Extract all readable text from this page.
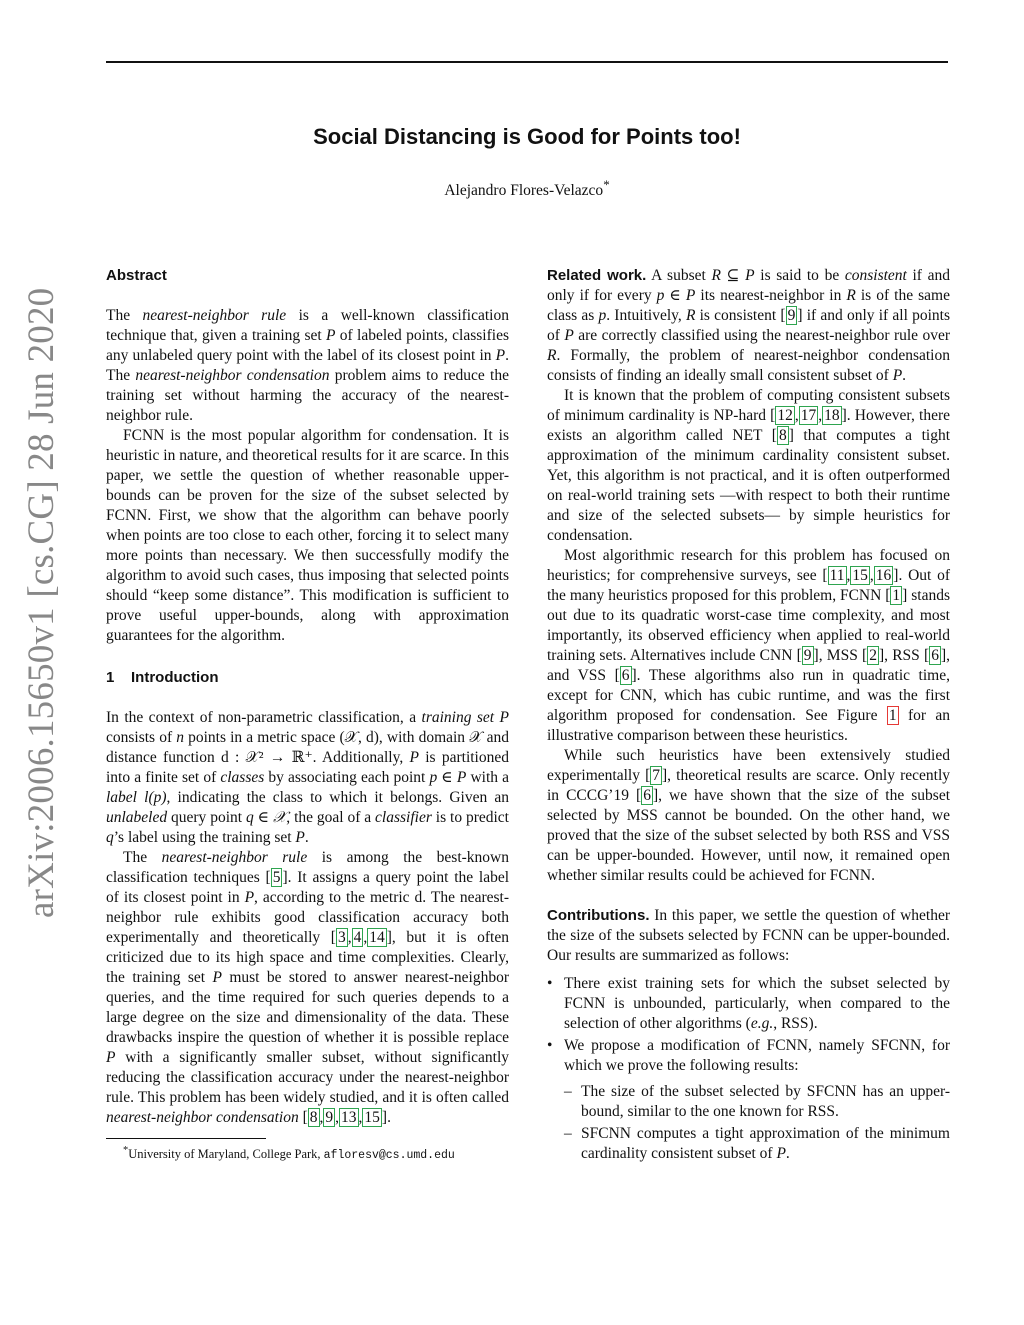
arXiv:2006.15650v1 [cs.CG] 28 Jun 2020
Social Distancing is Good for Points too!
Alejandro Flores-Velazco*
Abstract

The nearest-neighbor rule is a well-known classification technique that, given a training set P of labeled points, classifies any unlabeled query point with the label of its closest point in P. The nearest-neighbor condensation problem aims to reduce the training set without harming the accuracy of the nearest-neighbor rule.

FCNN is the most popular algorithm for condensation. It is heuristic in nature, and theoretical results for it are scarce. In this paper, we settle the question of whether reasonable upper-bounds can be proven for the size of the subset selected by FCNN. First, we show that the algorithm can behave poorly when points are too close to each other, forcing it to select many more points than necessary. We then successfully modify the algorithm to avoid such cases, thus imposing that selected points should “keep some distance”. This modification is sufficient to prove useful upper-bounds, along with approximation guarantees for the algorithm.

1 Introduction

In the context of non-parametric classification, a training set P consists of n points in a metric space (𝒳, d), with domain 𝒳 and distance function d : 𝒳² → ℝ⁺. Additionally, P is partitioned into a finite set of classes by associating each point p ∈ P with a label l(p), indicating the class to which it belongs. Given an unlabeled query point q ∈ 𝒳, the goal of a classifier is to predict q’s label using the training set P.

The nearest-neighbor rule is among the best-known classification techniques [ 5 ]. It assigns a query point the label of its closest point in P, according to the metric d. The nearest-neighbor rule exhibits good classification accuracy both experimentally and theoretically [ 3 , 4 , 14 ], but it is often criticized due to its high space and time complexities. Clearly, the training set P must be stored to answer nearest-neighbor queries, and the time required for such queries depends to a large degree on the size and dimensionality of the data. These drawbacks inspire the question of whether it is possible replace P with a significantly smaller subset, without significantly reducing the classification accuracy under the nearest-neighbor rule. This problem has been widely studied, and it is often called nearest-neighbor condensation [ 8 , 9 , 13 , 15 ].

*University of Maryland, College Park, afloresv@cs.umd.edu

Related work. A subset R ⊆ P is said to be consistent if and only if for every p ∈ P its nearest-neighbor in R is of the same class as p. Intuitively, R is consistent [ 9 ] if and only if all points of P are correctly classified using the nearest-neighbor rule over R. Formally, the problem of nearest-neighbor condensation consists of finding an ideally small consistent subset of P.

It is known that the problem of computing consistent subsets of minimum cardinality is NP-hard [ 12 , 17 , 18 ]. However, there exists an algorithm called NET [ 8 ] that computes a tight approximation of the minimum cardinality consistent subset. Yet, this algorithm is not practical, and it is often outperformed on real-world training sets —with respect to both their runtime and size of the selected subsets— by simple heuristics for condensation.

Most algorithmic research for this problem has focused on heuristics; for comprehensive surveys, see [ 11 , 15 , 16 ]. Out of the many heuristics proposed for this problem, FCNN [ 1 ] stands out due to its quadratic worst-case time complexity, and most importantly, its observed efficiency when applied to real-world training sets. Alternatives include CNN [ 9 ], MSS [ 2 ], RSS [ 6 ], and VSS [ 6 ]. These algorithms also run in quadratic time, except for CNN, which has cubic runtime, and was the first algorithm proposed for condensation. See Figure 1 for an illustrative comparison between these heuristics.

While such heuristics have been extensively studied experimentally [ 7 ], theoretical results are scarce. Only recently in CCCG’19 [ 6 ], we have shown that the size of the subset selected by MSS cannot be bounded. On the other hand, we proved that the size of the subset selected by both RSS and VSS can be upper-bounded. However, until now, it remained open whether similar results could be achieved for FCNN.

Contributions. In this paper, we settle the question of whether the size of the subsets selected by FCNN can be upper-bounded. Our results are summarized as follows:

• There exist training sets for which the subset selected by FCNN is unbounded, particularly, when compared to the selection of other algorithms (e.g., RSS).
• We propose a modification of FCNN, namely SFCNN, for which we prove the following results:
– The size of the subset selected by SFCNN has an upper-bound, similar to the one known for RSS.
– SFCNN computes a tight approximation of the minimum cardinality consistent subset of P.
